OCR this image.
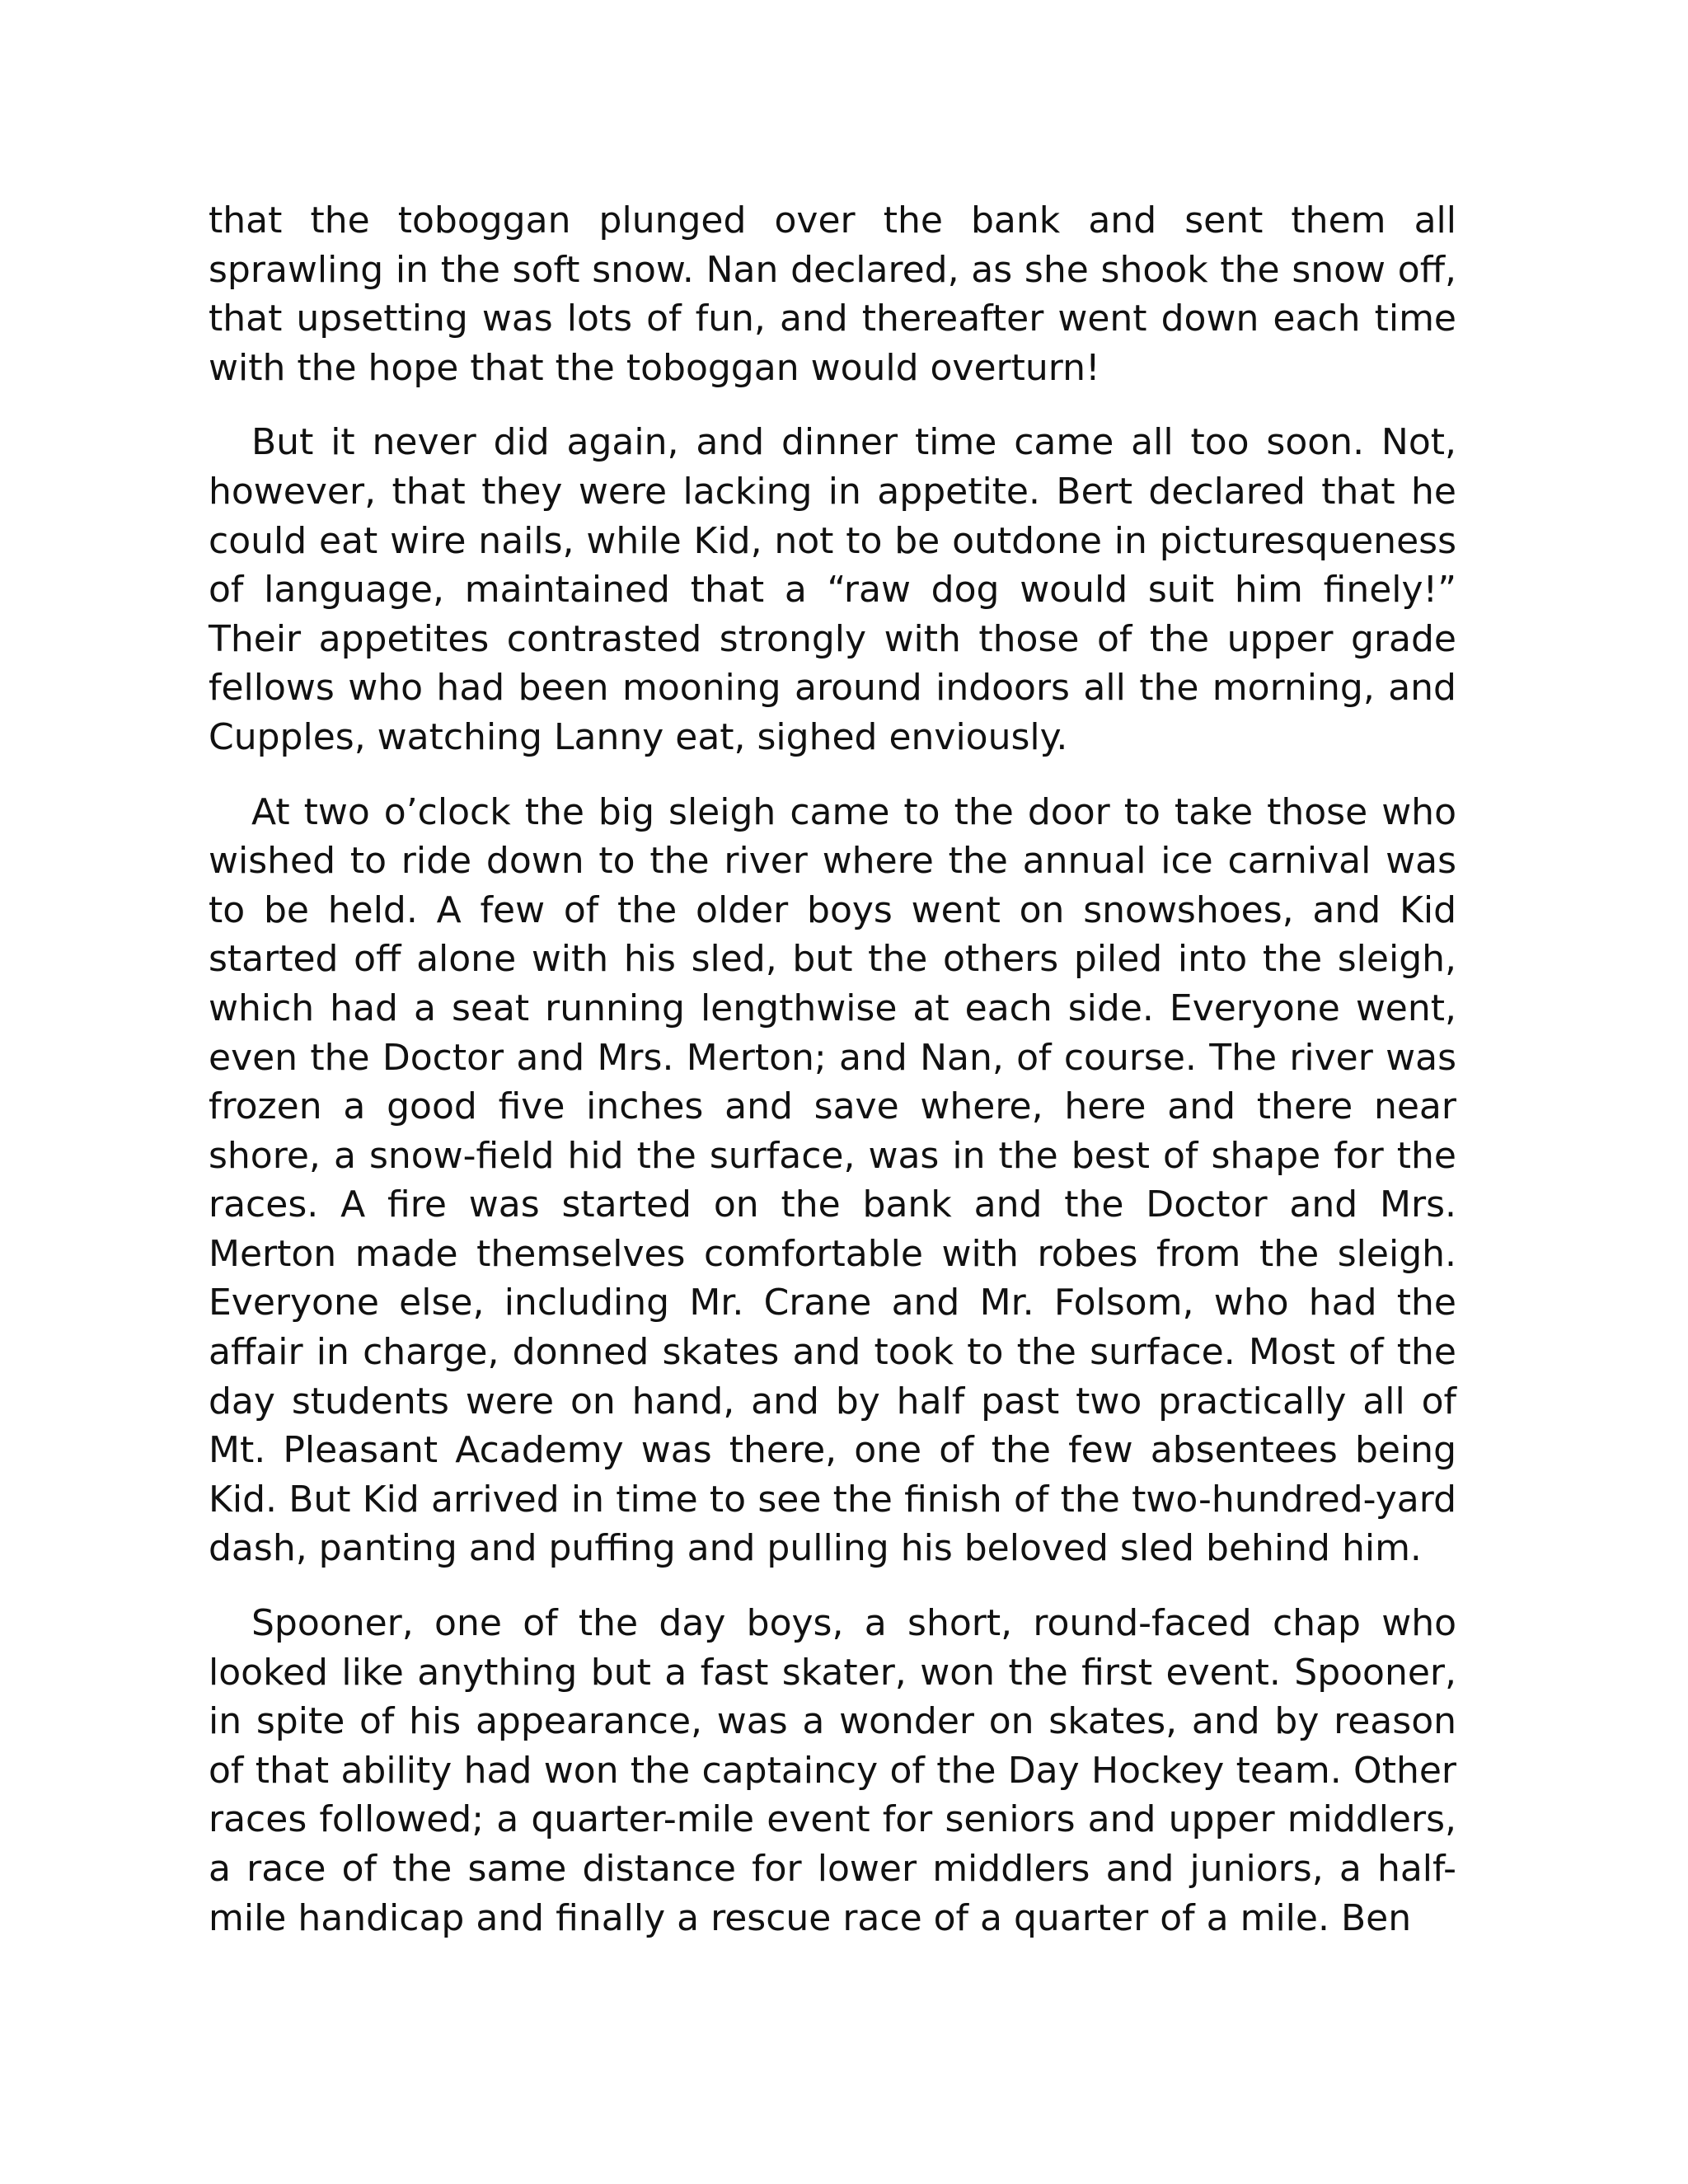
that the toboggan plunged over the bank and sent them all sprawling in the soft snow. Nan declared, as she shook the snow off, that upsetting was lots of fun, and thereafter went down each time with the hope that the toboggan would overturn!

But it never did again, and dinner time came all too soon. Not, however, that they were lacking in appetite. Bert declared that he could eat wire nails, while Kid, not to be outdone in picturesqueness of language, maintained that a “raw dog would suit him finely!” Their appetites contrasted strongly with those of the upper grade fellows who had been mooning around indoors all the morning, and Cupples, watching Lanny eat, sighed enviously.

At two o’clock the big sleigh came to the door to take those who wished to ride down to the river where the annual ice carnival was to be held. A few of the older boys went on snowshoes, and Kid started off alone with his sled, but the others piled into the sleigh, which had a seat running lengthwise at each side. Everyone went, even the Doctor and Mrs. Merton; and Nan, of course. The river was frozen a good five inches and save where, here and there near shore, a snow-field hid the surface, was in the best of shape for the races. A fire was started on the bank and the Doctor and Mrs. Merton made themselves comfortable with robes from the sleigh. Everyone else, including Mr. Crane and Mr. Folsom, who had the affair in charge, donned skates and took to the surface. Most of the day students were on hand, and by half past two practically all of Mt. Pleasant Academy was there, one of the few absentees being Kid. But Kid arrived in time to see the finish of the two-hundred-yard dash, panting and puffing and pulling his beloved sled behind him.

Spooner, one of the day boys, a short, round-faced chap who looked like anything but a fast skater, won the first event. Spooner, in spite of his appearance, was a wonder on skates, and by reason of that ability had won the captaincy of the Day Hockey team. Other races followed; a quarter-mile event for seniors and upper middlers, a race of the same distance for lower middlers and juniors, a half-mile handicap and finally a rescue race of a quarter of a mile. Ben
